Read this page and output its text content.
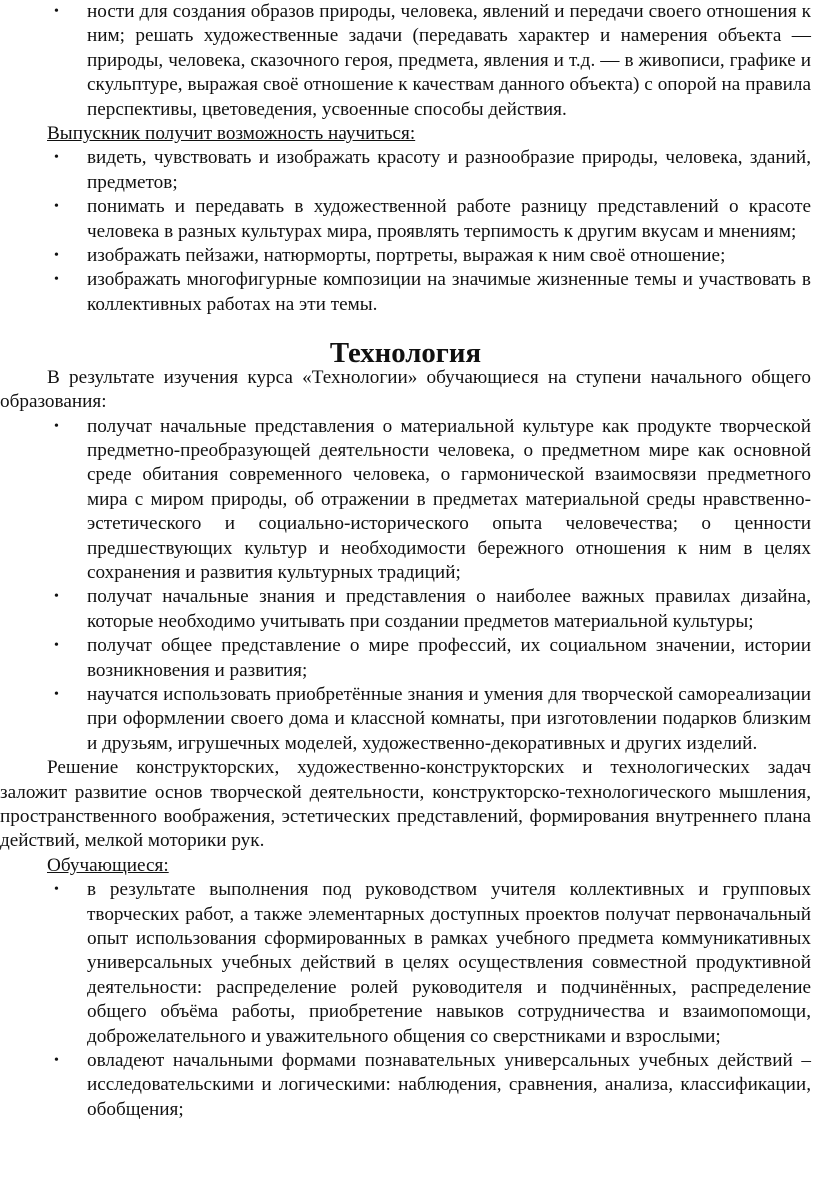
• ности для создания образов природы, человека, явлений и передачи своего отношения к ним; решать художественные задачи (передавать характер и намерения объекта — природы, человека, сказочного героя, предмета, явления и т.д. — в живописи, графике и скульптуре, выражая своё отношение к качествам данного объекта) с опорой на правила перспективы, цветоведения, усвоенные способы действия.

Выпускник получит возможность научиться:

• видеть, чувствовать и изображать красоту и разнообразие природы, человека, зданий, предметов;
• понимать и передавать в художественной работе разницу представлений о красоте человека в разных культурах мира, проявлять терпимость к другим вкусам и мнениям;
• изображать пейзажи, натюрморты, портреты, выражая к ним своё отношение;
• изображать многофигурные композиции на значимые жизненные темы и участвовать в коллективных работах на эти темы.
Технология

В результате изучения курса «Технологии» обучающиеся на ступени начального общего образования:

• получат начальные представления о материальной культуре как продукте творческой предметно-преобразующей деятельности человека, о предметном мире как основной среде обитания современного человека, о гармонической взаимосвязи предметного мира с миром природы, об отражении в предметах материальной среды нравственно-эстетического и социально-исторического опыта человечества; о ценности предшествующих культур и необходимости бережного отношения к ним в целях сохранения и развития культурных традиций;
• получат начальные знания и представления о наиболее важных правилах дизайна, которые необходимо учитывать при создании предметов материальной культуры;
• получат общее представление о мире профессий, их социальном значении, истории возникновения и развития;
• научатся использовать приобретённые знания и умения для творческой самореализации при оформлении своего дома и классной комнаты, при изготовлении подарков близким и друзьям, игрушечных моделей, художественно-декоративных и других изделий.

Решение конструкторских, художественно-конструкторских и технологических задач заложит развитие основ творческой деятельности, конструкторско-технологического мышления, пространственного воображения, эстетических представлений, формирования внутреннего плана действий, мелкой моторики рук.

Обучающиеся:

• в результате выполнения под руководством учителя коллективных и групповых творческих работ, а также элементарных доступных проектов получат первоначальный опыт использования сформированных в рамках учебного предмета коммуникативных универсальных учебных действий в целях осуществления совместной продуктивной деятельности: распределение ролей руководителя и подчинённых, распределение общего объёма работы, приобретение навыков сотрудничества и взаимопомощи, доброжелательного и уважительного общения со сверстниками и взрослыми;
• овладеют начальными формами познавательных универсальных учебных действий – исследовательскими и логическими: наблюдения, сравнения, анализа, классификации, обобщения;
